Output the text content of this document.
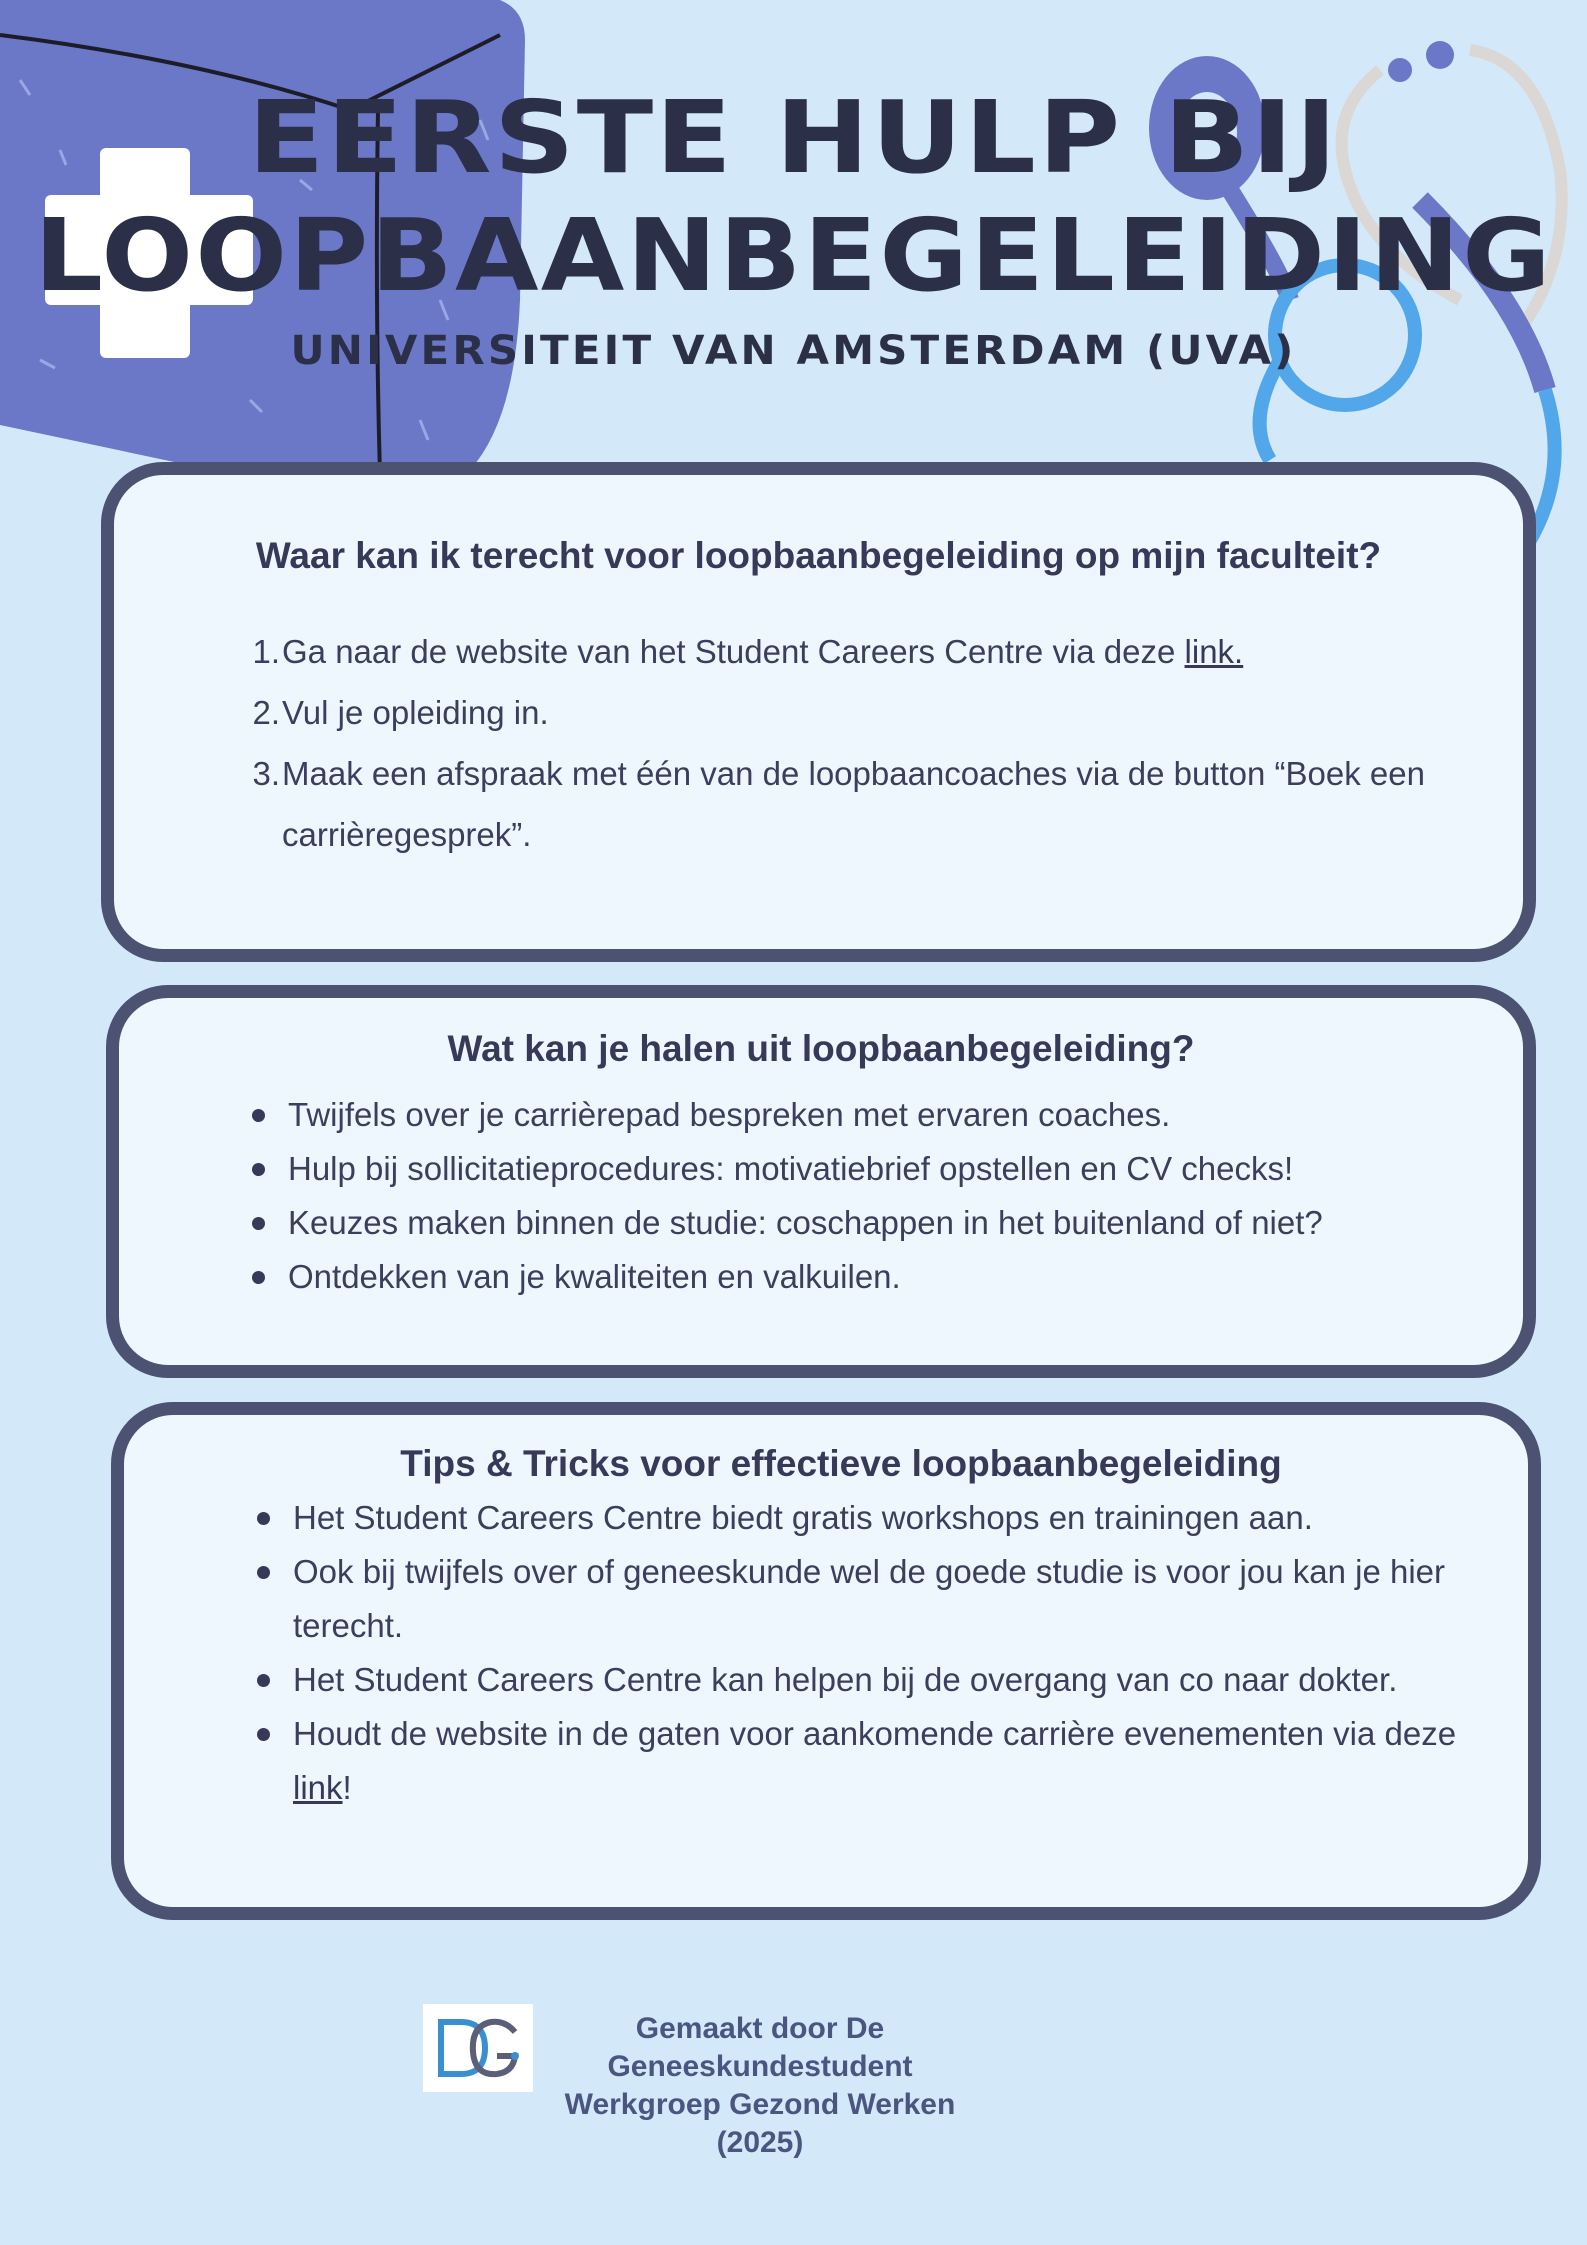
EERSTE HULP BIJ
LOOPBAANBEGELEIDING
UNIVERSITEIT VAN AMSTERDAM (UVA)
Waar kan ik terecht voor loopbaanbegeleiding op mijn faculteit?
1. Ga naar de website van het Student Careers Centre via deze link.
2. Vul je opleiding in.
3. Maak een afspraak met één van de loopbaancoaches via de button “Boek een carrièregesprek”.
Wat kan je halen uit loopbaanbegeleiding?
Twijfels over je carrièrepad bespreken met ervaren coaches.
Hulp bij sollicitatieprocedures: motivatiebrief opstellen en CV checks!
Keuzes maken binnen de studie: coschappen in het buitenland of niet?
Ontdekken van je kwaliteiten en valkuilen.
Tips & Tricks voor effectieve loopbaanbegeleiding
Het Student Careers Centre biedt gratis workshops en trainingen aan.
Ook bij twijfels over of geneeskunde wel de goede studie is voor jou kan je hier terecht.
Het Student Careers Centre kan helpen bij de overgang van co naar dokter.
Houdt de website in de gaten voor aankomende carrière evenementen via deze link!
DG
Gemaakt door De Geneeskundestudent
Werkgroep Gezond Werken (2025)
